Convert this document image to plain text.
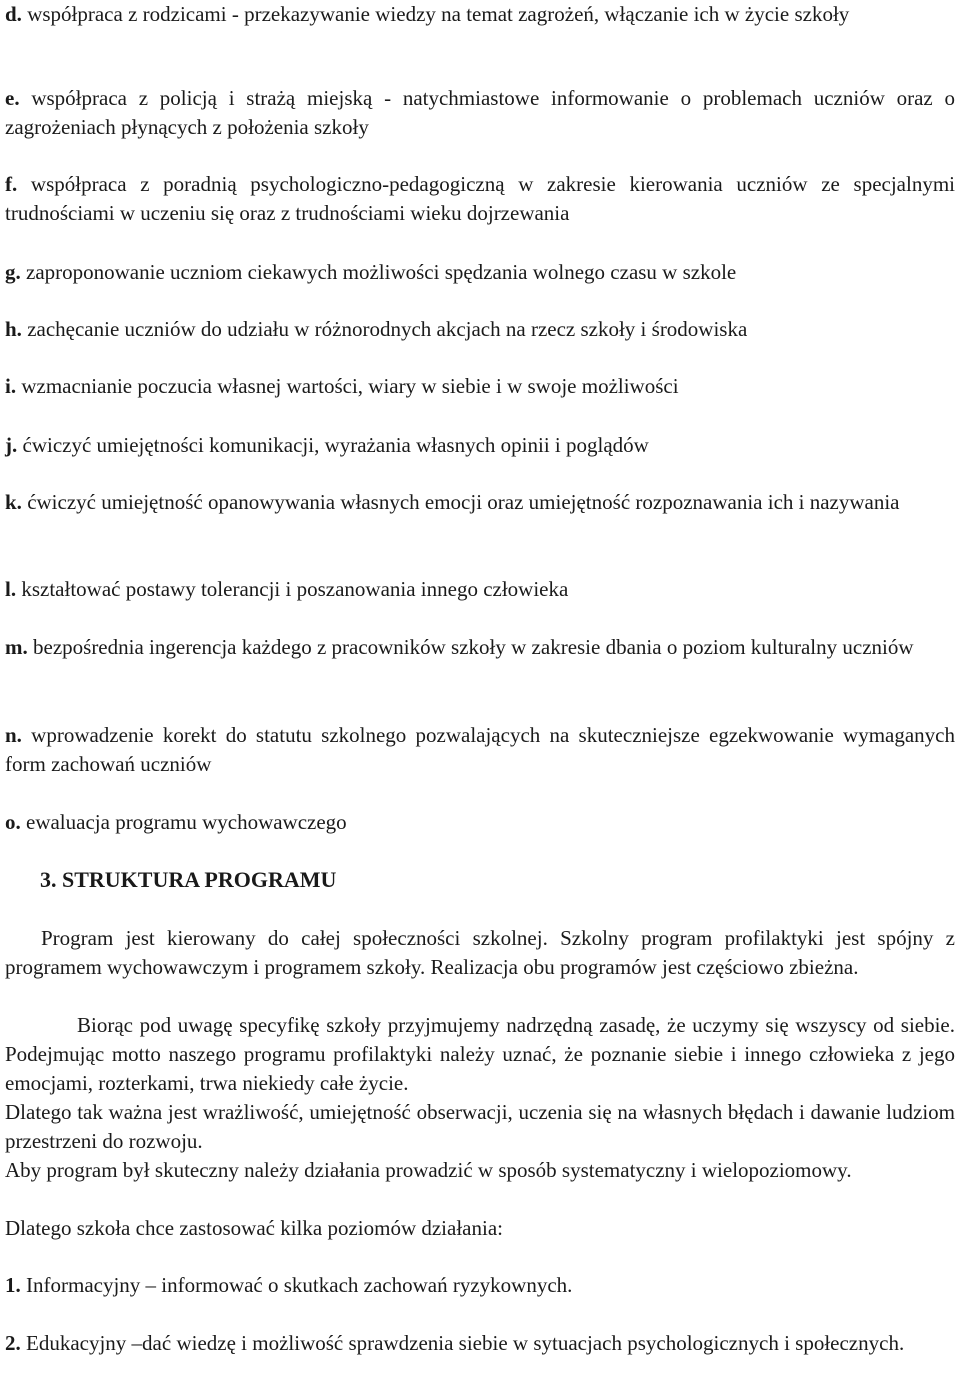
d. współpraca z rodzicami - przekazywanie wiedzy na temat zagrożeń, włączanie ich w życie szkoły

e. współpraca z policją i strażą miejską - natychmiastowe informowanie o problemach uczniów oraz o zagrożeniach płynących z położenia szkoły

f. współpraca z poradnią psychologiczno-pedagogiczną w zakresie kierowania uczniów ze specjalnymi trudnościami w uczeniu się oraz z trudnościami wieku dojrzewania

g. zaproponowanie uczniom ciekawych możliwości spędzania wolnego czasu w szkole

h. zachęcanie uczniów do udziału w różnorodnych akcjach na rzecz szkoły i środowiska

i. wzmacnianie poczucia własnej wartości, wiary w siebie i w swoje możliwości

j. ćwiczyć umiejętności komunikacji, wyrażania własnych opinii i poglądów

k. ćwiczyć umiejętność opanowywania własnych emocji oraz umiejętność rozpoznawania ich i nazywania

l. kształtować postawy tolerancji i poszanowania innego człowieka

m. bezpośrednia ingerencja każdego z pracowników szkoły w zakresie dbania o poziom kulturalny uczniów

n. wprowadzenie korekt do statutu szkolnego pozwalających na skuteczniejsze egzekwowanie wymaganych form zachowań uczniów

o. ewaluacja programu wychowawczego

3. STRUKTURA PROGRAMU

Program jest kierowany do całej społeczności szkolnej. Szkolny program profilaktyki jest spójny z programem wychowawczym i programem szkoły. Realizacja obu programów jest częściowo zbieżna.

Biorąc pod uwagę specyfikę szkoły przyjmujemy nadrzędną zasadę, że uczymy się wszyscy od siebie. Podejmując motto naszego programu profilaktyki należy uznać, że poznanie siebie i innego człowieka z jego emocjami, rozterkami, trwa niekiedy całe życie.

Dlatego tak ważna jest wrażliwość, umiejętność obserwacji, uczenia się na własnych błędach i dawanie ludziom przestrzeni do rozwoju.

Aby program był skuteczny należy działania prowadzić w sposób systematyczny i wielopoziomowy.

Dlatego szkoła chce zastosować kilka poziomów działania:

1. Informacyjny – informować o skutkach zachowań ryzykownych.

2. Edukacyjny –dać wiedzę i możliwość sprawdzenia siebie w sytuacjach psychologicznych i społecznych.
